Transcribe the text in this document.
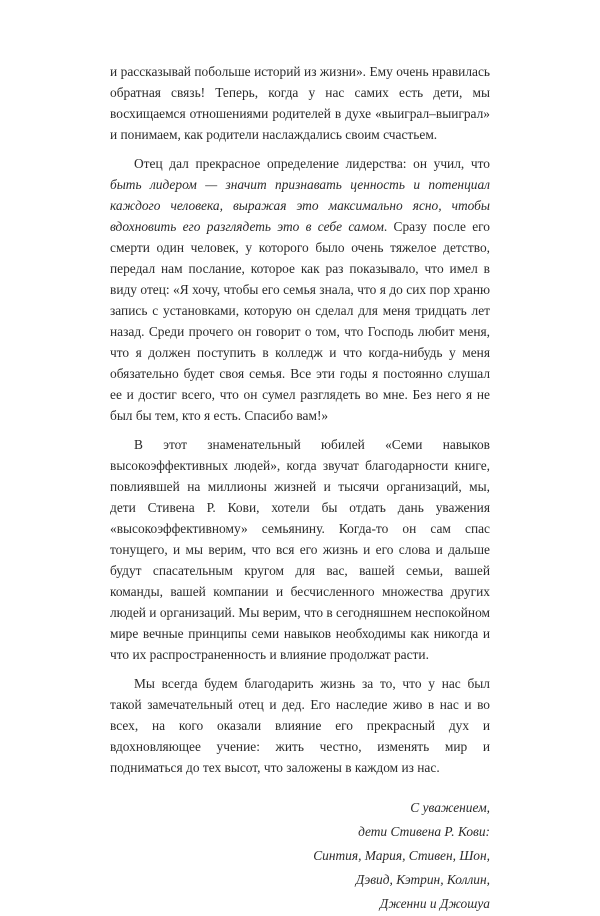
и рассказывай побольше историй из жизни». Ему очень нравилась обратная связь! Теперь, когда у нас самих есть дети, мы восхищаемся отношениями родителей в духе «выиграл–выиграл» и понимаем, как родители наслаждались своим счастьем.

Отец дал прекрасное определение лидерства: он учил, что быть лидером — значит признавать ценность и потенциал каждого человека, выражая это максимально ясно, чтобы вдохновить его разглядеть это в себе самом. Сразу после его смерти один человек, у которого было очень тяжелое детство, передал нам послание, которое как раз показывало, что имел в виду отец: «Я хочу, чтобы его семья знала, что я до сих пор храню запись с установками, которую он сделал для меня тридцать лет назад. Среди прочего он говорит о том, что Господь любит меня, что я должен поступить в колледж и что когда-нибудь у меня обязательно будет своя семья. Все эти годы я постоянно слушал ее и достиг всего, что он сумел разглядеть во мне. Без него я не был бы тем, кто я есть. Спасибо вам!»

В этот знаменательный юбилей «Семи навыков высокоэффективных людей», когда звучат благодарности книге, повлиявшей на миллионы жизней и тысячи организаций, мы, дети Стивена Р. Кови, хотели бы отдать дань уважения «высокоэффективному» семьянину. Когда-то он сам спас тонущего, и мы верим, что вся его жизнь и его слова и дальше будут спасательным кругом для вас, вашей семьи, вашей команды, вашей компании и бесчисленного множества других людей и организаций. Мы верим, что в сегодняшнем неспокойном мире вечные принципы семи навыков необходимы как никогда и что их распространенность и влияние продолжат расти.

Мы всегда будем благодарить жизнь за то, что у нас был такой замечательный отец и дед. Его наследие живо в нас и во всех, на кого оказали влияние его прекрасный дух и вдохновляющее учение: жить честно, изменять мир и подниматься до тех высот, что заложены в каждом из нас.

С уважением,
дети Стивена Р. Кови:
Синтия, Мария, Стивен, Шон,
Дэвид, Кэтрин, Коллин,
Дженни и Джошуа
